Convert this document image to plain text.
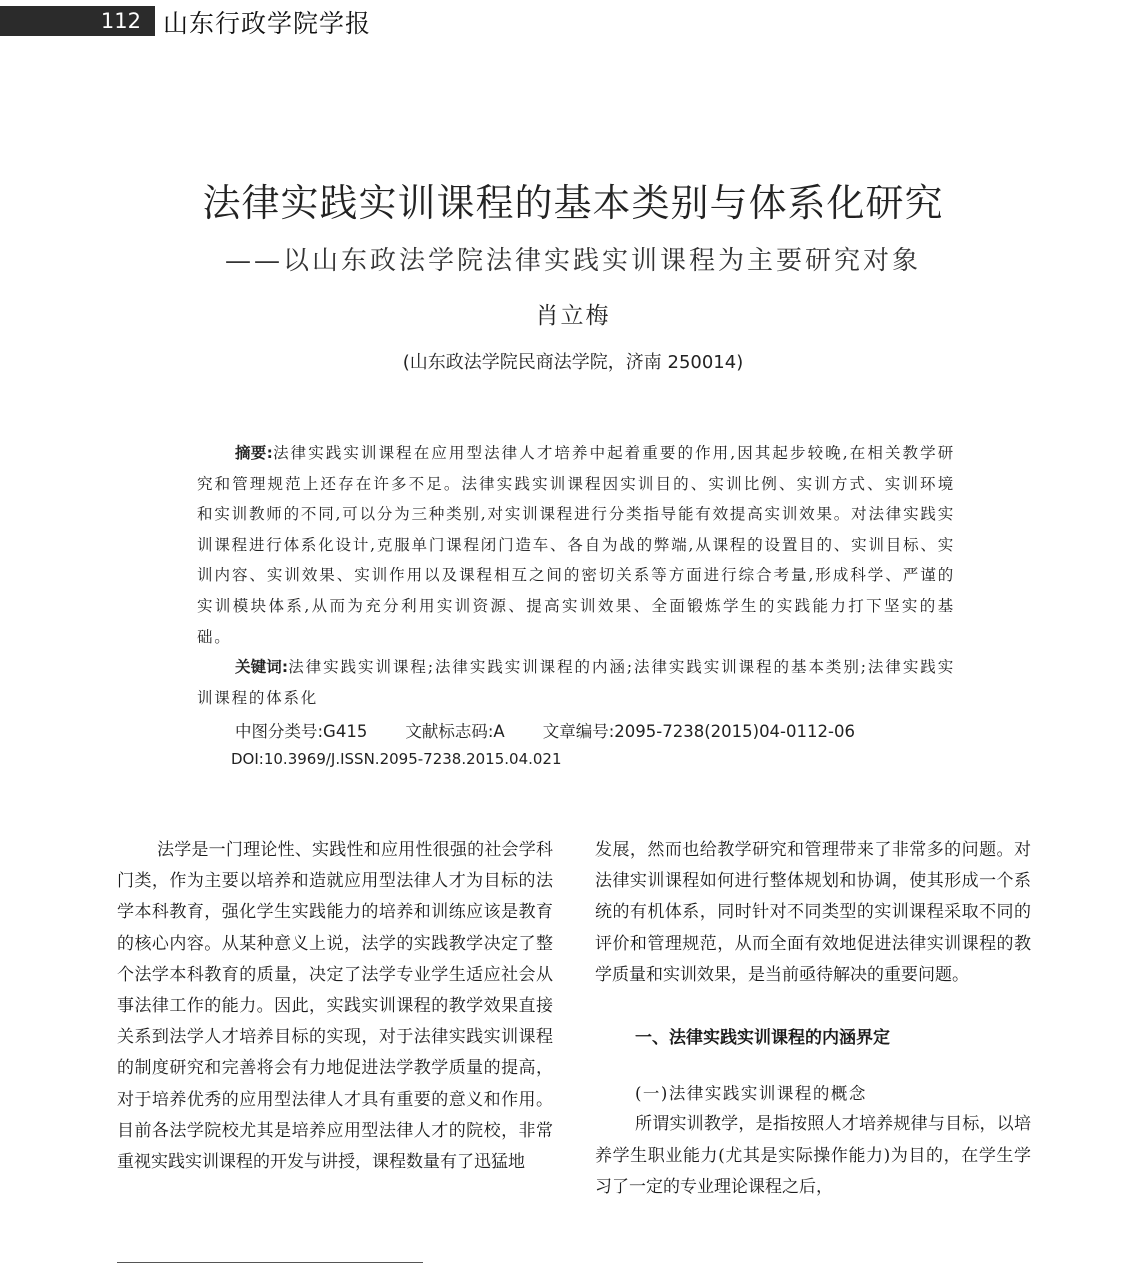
112 山东行政学院学报
法律实践实训课程的基本类别与体系化研究
——以山东政法学院法律实践实训课程为主要研究对象
肖立梅
(山东政法学院民商法学院，济南 250014)

摘要:法律实践实训课程在应用型法律人才培养中起着重要的作用,因其起步较晚,在相关教学研究和管理规范上还存在许多不足。法律实践实训课程因实训目的、实训比例、实训方式、实训环境和实训教师的不同,可以分为三种类别,对实训课程进行分类指导能有效提高实训效果。对法律实践实训课程进行体系化设计,克服单门课程闭门造车、各自为战的弊端,从课程的设置目的、实训目标、实训内容、实训效果、实训作用以及课程相互之间的密切关系等方面进行综合考量,形成科学、严谨的实训模块体系,从而为充分利用实训资源、提高实训效果、全面锻炼学生的实践能力打下坚实的基础。

关键词:法律实践实训课程;法律实践实训课程的内涵;法律实践实训课程的基本类别;法律实践实训课程的体系化

中图分类号:G415 文献标志码:A 文章编号:2095-7238(2015)04-0112-06
DOI:10.3969/J.ISSN.2095-7238.2015.04.021

法学是一门理论性、实践性和应用性很强的社会学科门类，作为主要以培养和造就应用型法律人才为目标的法学本科教育，强化学生实践能力的培养和训练应该是教育的核心内容。从某种意义上说，法学的实践教学决定了整个法学本科教育的质量，决定了法学专业学生适应社会从事法律工作的能力。因此，实践实训课程的教学效果直接关系到法学人才培养目标的实现，对于法律实践实训课程的制度研究和完善将会有力地促进法学教学质量的提高，对于培养优秀的应用型法律人才具有重要的意义和作用。目前各法学院校尤其是培养应用型法律人才的院校，非常重视实践实训课程的开发与讲授，课程数量有了迅猛地

发展，然而也给教学研究和管理带来了非常多的问题。对法律实训课程如何进行整体规划和协调，使其形成一个系统的有机体系，同时针对不同类型的实训课程采取不同的评价和管理规范，从而全面有效地促进法律实训课程的教学质量和实训效果，是当前亟待解决的重要问题。

一、法律实践实训课程的内涵界定

(一)法律实践实训课程的概念

所谓实训教学，是指按照人才培养规律与目标，以培养学生职业能力(尤其是实际操作能力)为目的，在学生学习了一定的专业理论课程之后，
